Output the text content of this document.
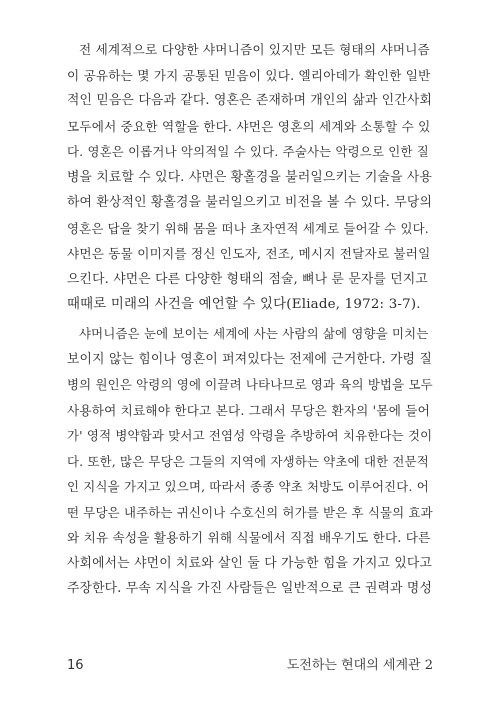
전 세계적으로 다양한 샤머니즘이 있지만 모든 형태의 샤머니즘
이 공유하는 몇 가지 공통된 믿음이 있다. 엘리아데가 확인한 일반
적인 믿음은 다음과 같다. 영혼은 존재하며 개인의 삶과 인간사회
모두에서 중요한 역할을 한다. 샤먼은 영혼의 세계와 소통할 수 있
다. 영혼은 이롭거나 악의적일 수 있다. 주술사는 악령으로 인한 질
병을 치료할 수 있다. 샤먼은 황홀경을 불러일으키는 기술을 사용
하여 환상적인 황홀경을 불러일으키고 비전을 볼 수 있다. 무당의
영혼은 답을 찾기 위해 몸을 떠나 초자연적 세계로 들어갈 수 있다.
샤먼은 동물 이미지를 정신 인도자, 전조, 메시지 전달자로 불러일
으킨다. 샤먼은 다른 다양한 형태의 점술, 뼈나 룬 문자를 던지고
때때로 미래의 사건을 예언할 수 있다(Eliade, 1972: 3-7).
샤머니즘은 눈에 보이는 세계에 사는 사람의 삶에 영향을 미치는
보이지 않는 힘이나 영혼이 퍼져있다는 전제에 근거한다. 가령 질
병의 원인은 악령의 영에 이끌려 나타나므로 영과 육의 방법을 모두
사용하여 치료해야 한다고 본다. 그래서 무당은 환자의 '몸에 들어
가' 영적 병약함과 맞서고 전염성 악령을 추방하여 치유한다는 것이
다. 또한, 많은 무당은 그들의 지역에 자생하는 약초에 대한 전문적
인 지식을 가지고 있으며, 따라서 종종 약초 처방도 이루어진다. 어
떤 무당은 내주하는 귀신이나 수호신의 허가를 받은 후 식물의 효과
와 치유 속성을 활용하기 위해 식물에서 직접 배우기도 한다. 다른
사회에서는 샤먼이 치료와 살인 둘 다 가능한 힘을 가지고 있다고
주장한다. 무속 지식을 가진 사람들은 일반적으로 큰 권력과 명성
16	도전하는 현대의 세계관 2
